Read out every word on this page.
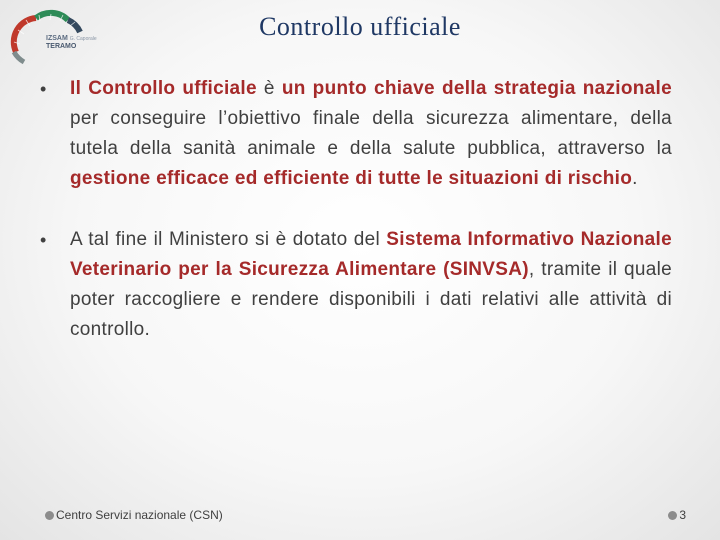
IZSAM G. Caporale
TERAMO
Controllo ufficiale
• Il Controllo ufficiale è un punto chiave della strategia nazionale per conseguire l’obiettivo finale della sicurezza alimentare, della tutela della sanità animale e della salute pubblica, attraverso la gestione efficace ed efficiente di tutte le situazioni di rischio.
• A tal fine il Ministero si è dotato del Sistema Informativo Nazionale Veterinario per la Sicurezza Alimentare (SINVSA), tramite il quale poter raccogliere e rendere disponibili i dati relativi alle attività di controllo.
Centro Servizi nazionale (CSN)	3
